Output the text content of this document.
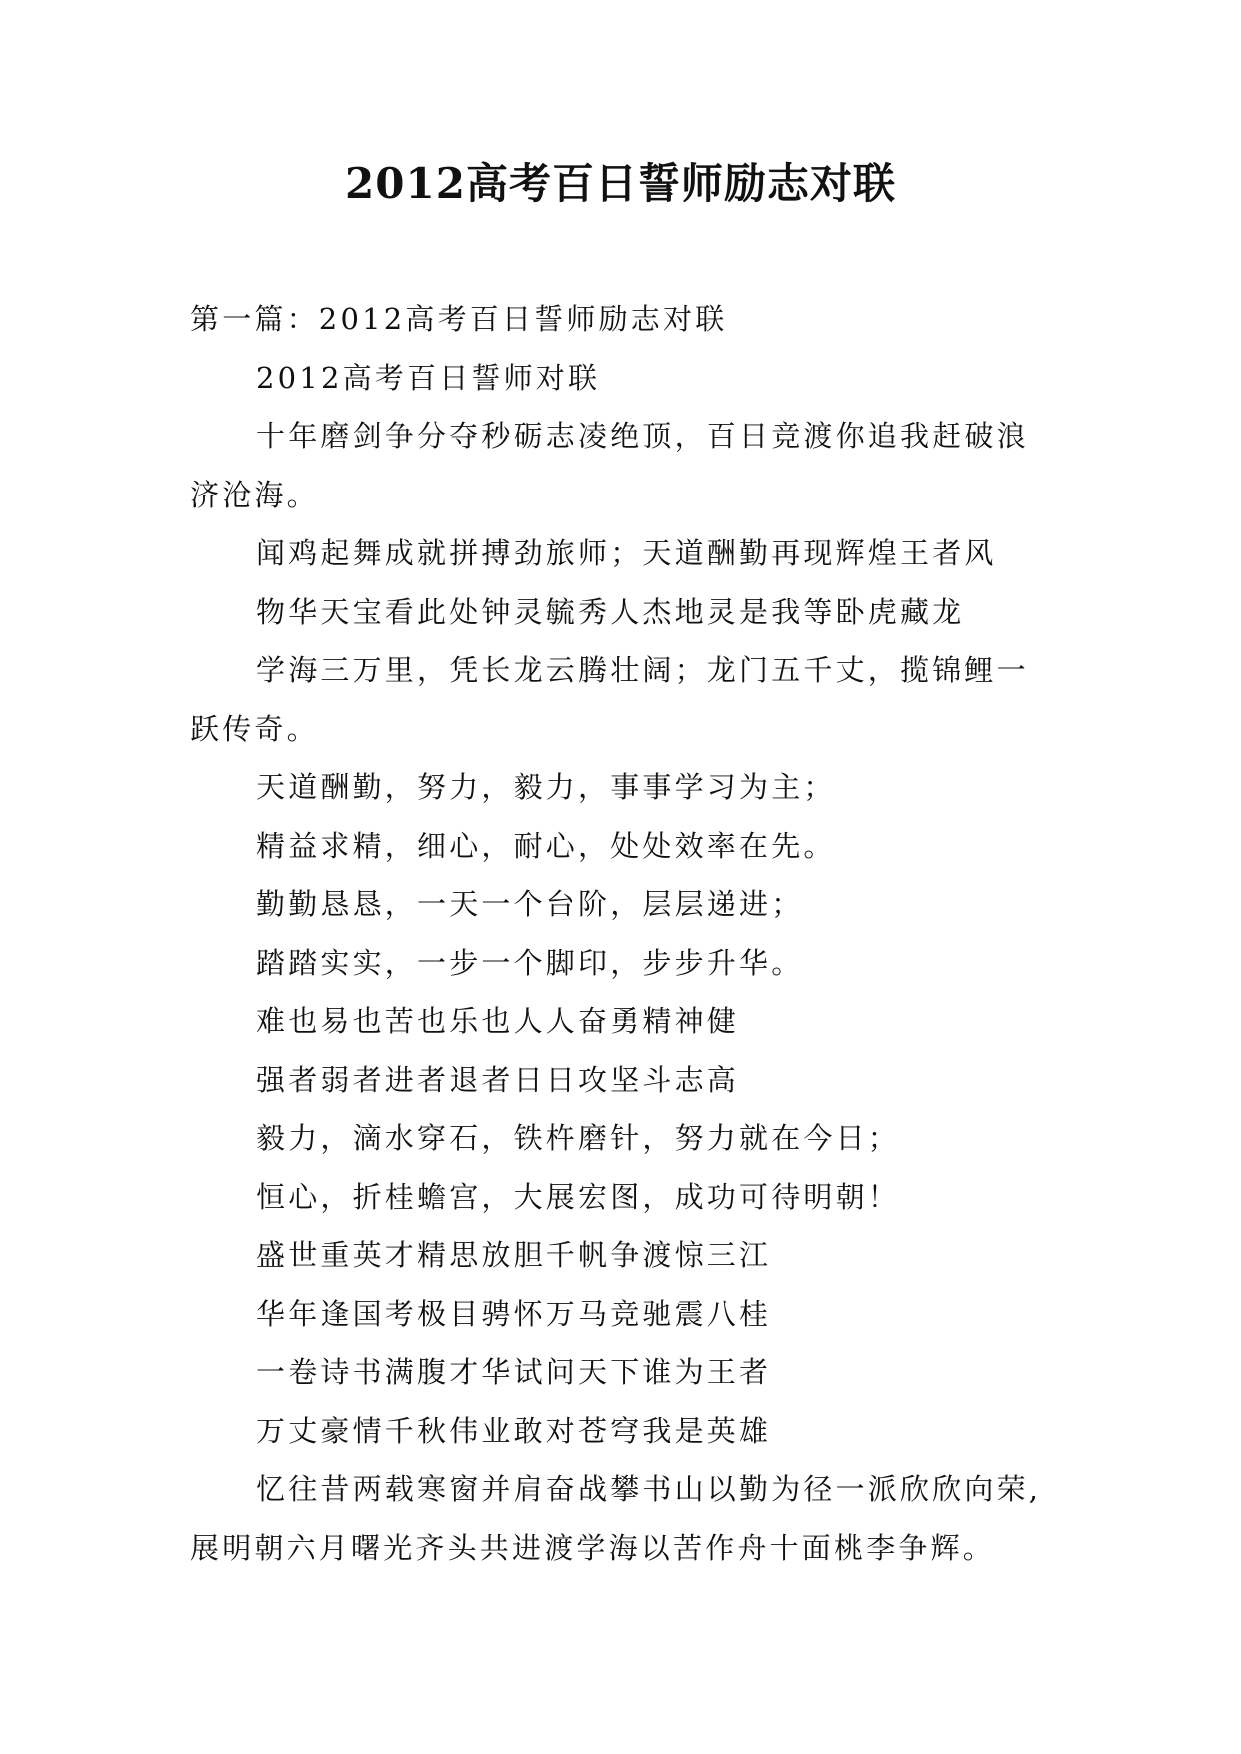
2012高考百日誓师励志对联

第一篇：2012高考百日誓师励志对联

2012高考百日誓师对联

十年磨剑争分夺秒砺志凌绝顶，百日竞渡你追我赶破浪济沧海。

闻鸡起舞成就拼搏劲旅师；天道酬勤再现辉煌王者风

物华天宝看此处钟灵毓秀人杰地灵是我等卧虎藏龙

学海三万里，凭长龙云腾壮阔；龙门五千丈，揽锦鲤一跃传奇。

天道酬勤，努力，毅力，事事学习为主；

精益求精，细心，耐心，处处效率在先。

勤勤恳恳，一天一个台阶，层层递进；

踏踏实实，一步一个脚印，步步升华。

难也易也苦也乐也人人奋勇精神健

强者弱者进者退者日日攻坚斗志高

毅力，滴水穿石，铁杵磨针，努力就在今日；

恒心，折桂蟾宫，大展宏图，成功可待明朝！

盛世重英才精思放胆千帆争渡惊三江

华年逢国考极目骋怀万马竞驰震八桂

一卷诗书满腹才华试问天下谁为王者

万丈豪情千秋伟业敢对苍穹我是英雄

忆往昔两载寒窗并肩奋战攀书山以勤为径一派欣欣向荣,展明朝六月曙光齐头共进渡学海以苦作舟十面桃李争辉。
